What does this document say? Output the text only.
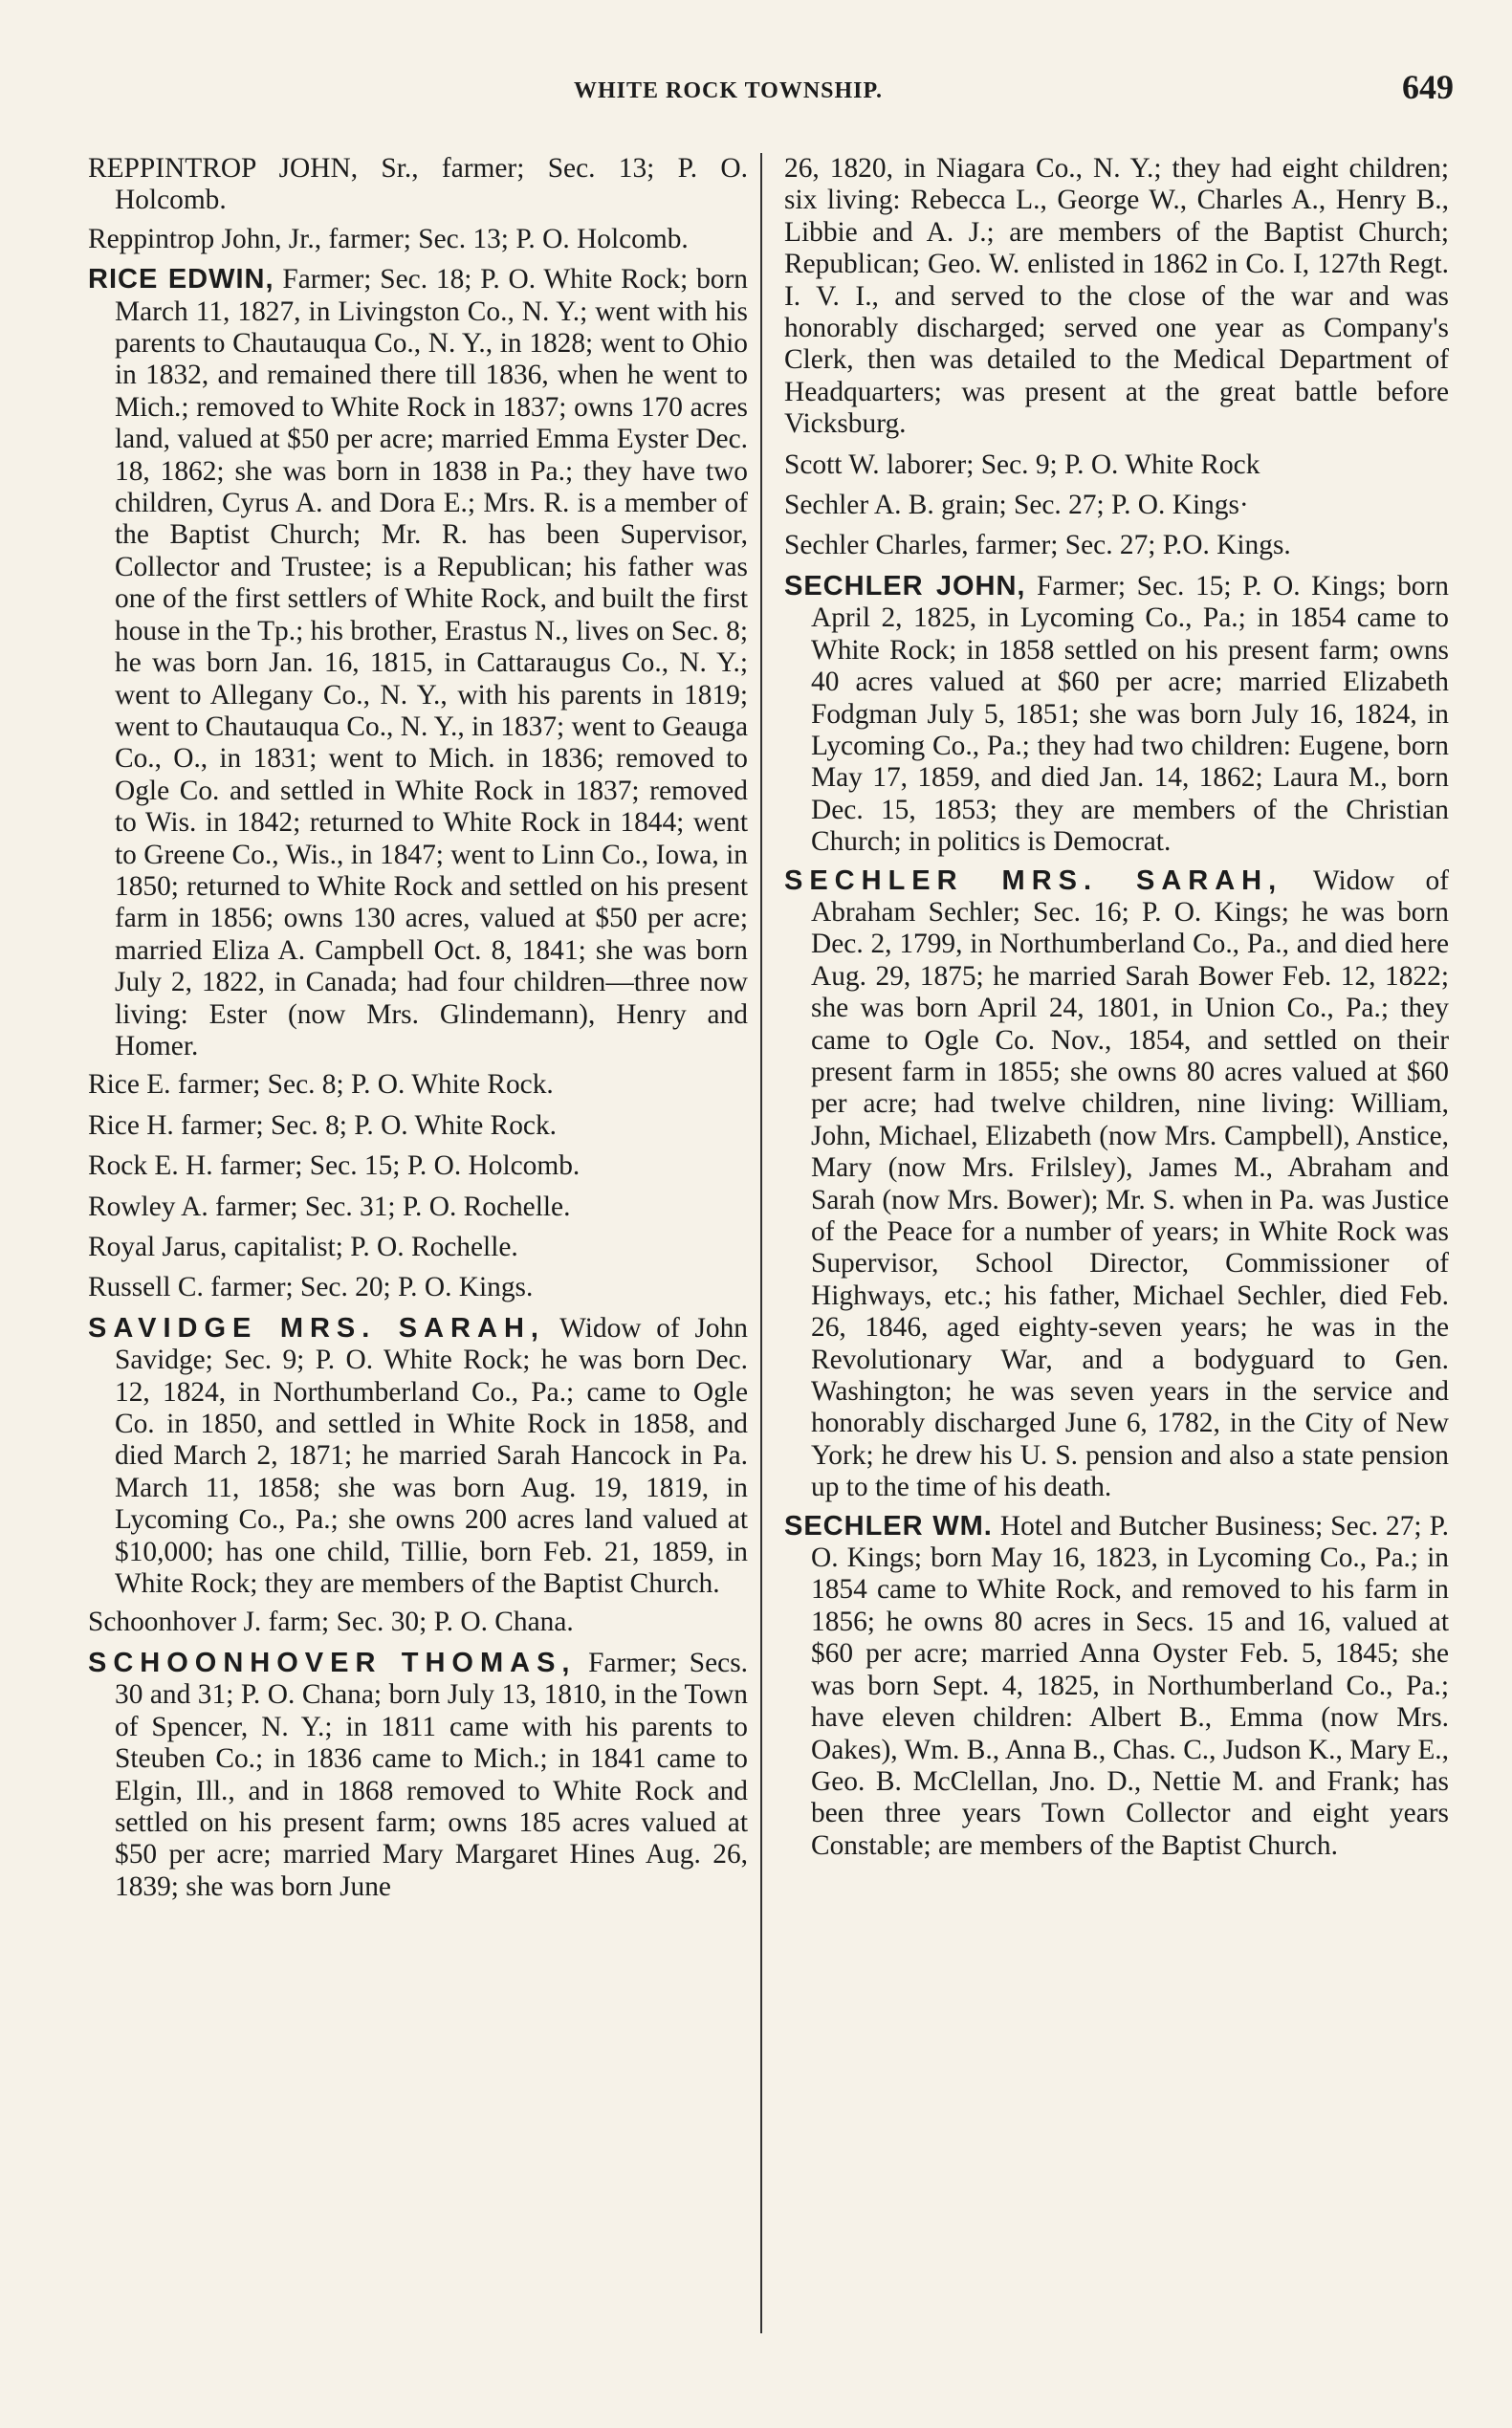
WHITE ROCK TOWNSHIP.	649

REPPINTROP JOHN, Sr., farmer; Sec. 13; P. O. Holcomb.

Reppintrop John, Jr., farmer; Sec. 13; P. O. Holcomb.

RICE EDWIN, Farmer; Sec. 18; P. O. White Rock; born March 11, 1827, in Livingston Co., N. Y.; went with his parents to Chautauqua Co., N. Y., in 1828; went to Ohio in 1832, and remained there till 1836, when he went to Mich.; removed to White Rock in 1837; owns 170 acres land, valued at $50 per acre; married Emma Eyster Dec. 18, 1862; she was born in 1838 in Pa.; they have two children, Cyrus A. and Dora E.; Mrs. R. is a member of the Baptist Church; Mr. R. has been Supervisor, Collector and Trustee; is a Republican; his father was one of the first settlers of White Rock, and built the first house in the Tp.; his brother, Erastus N., lives on Sec. 8; he was born Jan. 16, 1815, in Cattaraugus Co., N. Y.; went to Allegany Co., N. Y., with his parents in 1819; went to Chautauqua Co., N. Y., in 1837; went to Geauga Co., O., in 1831; went to Mich. in 1836; removed to Ogle Co. and settled in White Rock in 1837; removed to Wis. in 1842; returned to White Rock in 1844; went to Greene Co., Wis., in 1847; went to Linn Co., Iowa, in 1850; returned to White Rock and settled on his present farm in 1856; owns 130 acres, valued at $50 per acre; married Eliza A. Campbell Oct. 8, 1841; she was born July 2, 1822, in Canada; had four children—three now living: Ester (now Mrs. Glindemann), Henry and Homer.

Rice E. farmer; Sec. 8; P. O. White Rock.

Rice H. farmer; Sec. 8; P. O. White Rock.

Rock E. H. farmer; Sec. 15; P. O. Holcomb.

Rowley A. farmer; Sec. 31; P. O. Rochelle.

Royal Jarus, capitalist; P. O. Rochelle.

Russell C. farmer; Sec. 20; P. O. Kings.

SAVIDGE MRS. SARAH, Widow of John Savidge; Sec. 9; P. O. White Rock; he was born Dec. 12, 1824, in Northumberland Co., Pa.; came to Ogle Co. in 1850, and settled in White Rock in 1858, and died March 2, 1871; he married Sarah Hancock in Pa. March 11, 1858; she was born Aug. 19, 1819, in Lycoming Co., Pa.; she owns 200 acres land valued at $10,000; has one child, Tillie, born Feb. 21, 1859, in White Rock; they are members of the Baptist Church.

Schoonhover J. farm; Sec. 30; P. O. Chana.

SCHOONHOVER THOMAS, Farmer; Secs. 30 and 31; P. O. Chana; born July 13, 1810, in the Town of Spencer, N. Y.; in 1811 came with his parents to Steuben Co.; in 1836 came to Mich.; in 1841 came to Elgin, Ill., and in 1868 removed to White Rock and settled on his present farm; owns 185 acres valued at $50 per acre; married Mary Margaret Hines Aug. 26, 1839; she was born June

26, 1820, in Niagara Co., N. Y.; they had eight children; six living: Rebecca L., George W., Charles A., Henry B., Libbie and A. J.; are members of the Baptist Church; Republican; Geo. W. enlisted in 1862 in Co. I, 127th Regt. I. V. I., and served to the close of the war and was honorably discharged; served one year as Company's Clerk, then was detailed to the Medical Department of Headquarters; was present at the great battle before Vicksburg.

Scott W. laborer; Sec. 9; P. O. White Rock

Sechler A. B. grain; Sec. 27; P. O. Kings·

Sechler Charles, farmer; Sec. 27; P.O. Kings.

SECHLER JOHN, Farmer; Sec. 15; P. O. Kings; born April 2, 1825, in Lycoming Co., Pa.; in 1854 came to White Rock; in 1858 settled on his present farm; owns 40 acres valued at $60 per acre; married Elizabeth Fodgman July 5, 1851; she was born July 16, 1824, in Lycoming Co., Pa.; they had two children: Eugene, born May 17, 1859, and died Jan. 14, 1862; Laura M., born Dec. 15, 1853; they are members of the Christian Church; in politics is Democrat.

SECHLER MRS. SARAH, Widow of Abraham Sechler; Sec. 16; P. O. Kings; he was born Dec. 2, 1799, in Northumberland Co., Pa., and died here Aug. 29, 1875; he married Sarah Bower Feb. 12, 1822; she was born April 24, 1801, in Union Co., Pa.; they came to Ogle Co. Nov., 1854, and settled on their present farm in 1855; she owns 80 acres valued at $60 per acre; had twelve children, nine living: William, John, Michael, Elizabeth (now Mrs. Campbell), Anstice, Mary (now Mrs. Frilsley), James M., Abraham and Sarah (now Mrs. Bower); Mr. S. when in Pa. was Justice of the Peace for a number of years; in White Rock was Supervisor, School Director, Commissioner of Highways, etc.; his father, Michael Sechler, died Feb. 26, 1846, aged eighty-seven years; he was in the Revolutionary War, and a bodyguard to Gen. Washington; he was seven years in the service and honorably discharged June 6, 1782, in the City of New York; he drew his U. S. pension and also a state pension up to the time of his death.

SECHLER WM. Hotel and Butcher Business; Sec. 27; P. O. Kings; born May 16, 1823, in Lycoming Co., Pa.; in 1854 came to White Rock, and removed to his farm in 1856; he owns 80 acres in Secs. 15 and 16, valued at $60 per acre; married Anna Oyster Feb. 5, 1845; she was born Sept. 4, 1825, in Northumberland Co., Pa.; have eleven children: Albert B., Emma (now Mrs. Oakes), Wm. B., Anna B., Chas. C., Judson K., Mary E., Geo. B. McClellan, Jno. D., Nettie M. and Frank; has been three years Town Collector and eight years Constable; are members of the Baptist Church.
